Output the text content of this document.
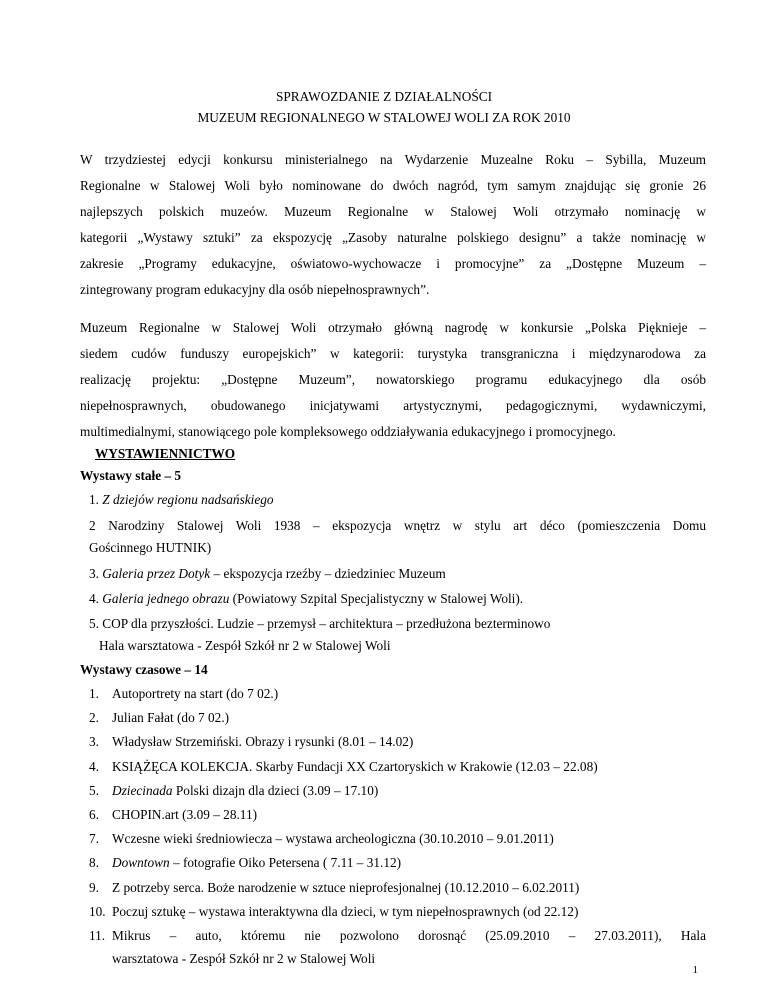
SPRAWOZDANIE Z DZIAŁALNOŚCI
MUZEUM REGIONALNEGO W STALOWEJ WOLI ZA ROK 2010
W trzydziestej edycji konkursu ministerialnego na Wydarzenie Muzealne Roku – Sybilla, Muzeum
Regionalne w Stalowej Woli było nominowane do dwóch nagród, tym samym znajdując się gronie 26
najlepszych polskich muzeów. Muzeum Regionalne w Stalowej Woli otrzymało nominację w
kategorii „Wystawy sztuki” za ekspozycję „Zasoby naturalne polskiego designu” a także nominację w
zakresie „Programy edukacyjne, oświatowo-wychowacze i promocyjne” za „Dostępne Muzeum –
zintegrowany program edukacyjny dla osób niepełnosprawnych”.
Muzeum Regionalne w Stalowej Woli otrzymało główną nagrodę w konkursie „Polska Pięknieje –
siedem cudów funduszy europejskich” w kategorii: turystyka transgraniczna i międzynarodowa za
realizację projektu: „Dostępne Muzeum”, nowatorskiego programu edukacyjnego dla osób
niepełnosprawnych, obudowanego inicjatywami artystycznymi, pedagogicznymi, wydawniczymi,
multimedialnymi, stanowiącego pole kompleksowego oddziaływania edukacyjnego i promocyjnego.
WYSTAWIENNICTWO
Wystawy stałe – 5
1. Z dziejów regionu nadsańskiego
2 Narodziny Stalowej Woli 1938 – ekspozycja wnętrz w stylu art déco (pomieszczenia Domu
Gościnnego HUTNIK)
3. Galeria przez Dotyk – ekspozycja rzeźby – dziedziniec Muzeum
4. Galeria jednego obrazu (Powiatowy Szpital Specjalistyczny w Stalowej Woli).
5. COP dla przyszłości. Ludzie – przemysł – architektura – przedłużona bezterminowo
Hala warsztatowa - Zespół Szkół nr 2 w Stalowej Woli
Wystawy czasowe – 14
1. Autoportrety na start (do 7 02.)
2. Julian Fałat (do 7 02.)
3. Władysław Strzemiński. Obrazy i rysunki (8.01 – 14.02)
4. KSIĄŻĘCA KOLEKCJA. Skarby Fundacji XX Czartoryskich w Krakowie (12.03 – 22.08)
5. Dziecinada Polski dizajn dla dzieci (3.09 – 17.10)
6. CHOPIN.art (3.09 – 28.11)
7. Wczesne wieki średniowiecza – wystawa archeologiczna (30.10.2010 – 9.01.2011)
8. Downtown – fotografie Oiko Petersena ( 7.11 – 31.12)
9. Z potrzeby serca. Boże narodzenie w sztuce nieprofesjonalnej (10.12.2010 – 6.02.2011)
10. Poczuj sztukę – wystawa interaktywna dla dzieci, w tym niepełnosprawnych (od 22.12)
11. Mikrus – auto, któremu nie pozwolono dorosnąć (25.09.2010 – 27.03.2011), Hala
warsztatowa - Zespół Szkół nr 2 w Stalowej Woli
1
